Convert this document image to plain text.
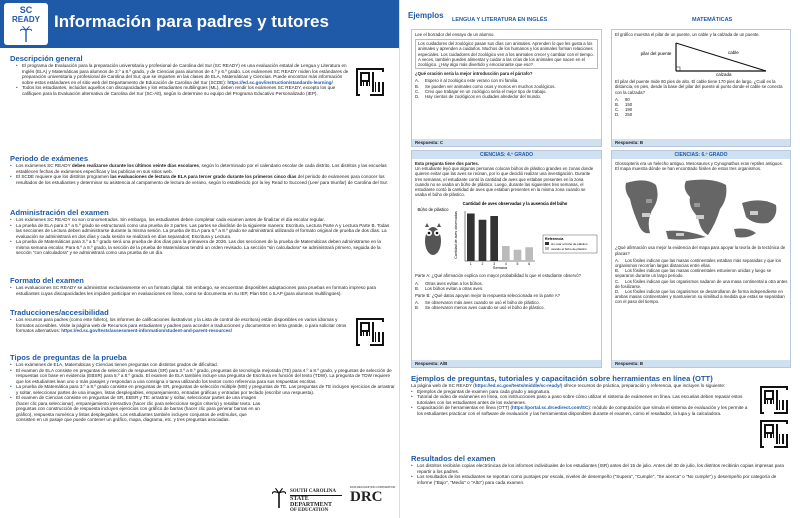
SC
READY Información para padres y tutores
Descripción general
• El programa de Evaluación para la preparación universitaria y profesional de Carolina del Sur (SC READY) es una evaluación estatal de Lengua y Literatura en Inglés (ELA) y Matemáticas para alumnos de 3.º a 8.º grado, y de Ciencias para alumnos de 4.º y 6.º grado. Los exámenes SC READY miden los estándares de preparación universitaria y profesional de Carolina del Sur, que se imparten en las clases de ELA, Matemáticas y Ciencias. Puede encontrar más información sobre estos estándares en el sitio web del Departamento de Educación de Carolina del Sur (SCDE): https://ed.sc.gov/instruction/standards-learning/
• Todos los estudiantes, incluidos aquellos con discapacidades y los estudiantes multilingües (ML), deben rendir los exámenes SC READY, excepto los que califiquen para la Evaluación alternativa de Carolina del Sur (SC-Alt), según lo determine su equipo del Programa Educativo Personalizado (IEP).
Periodo de exámenes
• Los exámenes SC READY deben realizarse durante los últimos veinte días escolares, según lo determinado por el calendario escolar de cada distrito. Los distritos y las escuelas establecen fechas de exámenes específicas y las publican en sus sitios web.
• El SCDE requiere que los distritos programen las evaluaciones de lectura de ELA para tercer grado durante los primeros cinco días del periodo de exámenes para conocer los resultados de los estudiantes y determinar su asistencia al campamento de lectura de verano, según lo establecido por la ley Read to Succeed (Leer para triunfar) de Carolina del Sur.
Administración del examen
• Los exámenes SC READY no son cronometrados. Sin embargo, los estudiantes deben completar cada examen antes de finalizar el día escolar regular.
• La prueba de ELA para 3.º a 5.º grado se estructurará como una prueba de 3 partes. Las partes se dividirán de la siguiente manera: Escritura, Lectura Parte A y Lectura Parte B. Todas las secciones de Lectura deben administrarse durante la misma sesión. La prueba de ELA para 6.º a 8.º grado se administrará utilizando el formato original de prueba de dos días. La evaluación se administrará en dos días y cada sesión se realizará en días separados; Escritura y Lectura.
• La prueba de Matemáticas para 3.º a 5.º grado será una prueba de dos días para la primavera de 2026. Las dos secciones de la prueba de Matemáticas deben administrarse en la misma semana escolar. Para 6.º a 8.º grado, la sección de la prueba de Matemáticas tendrá un orden revisado. La sección "sin calculadora" se administrará primero, seguida de la sección "con calculadora" y se administrará como una prueba de un día.
Formato del examen
• Las evaluaciones SC READY se administran exclusivamente en un formato digital. Sin embargo, se encuentran disponibles adaptaciones para pruebas en formato impreso para estudiantes cuyas discapacidades les impiden participar en evaluaciones en línea, como se documenta en su IEP, Plan 504 o ILAP (para alumnos multilingües).
Traducciones/accesibilidad
• Los recursos para padres (como este folleto), los informes de calificaciones ilustrativos y la Lista de control de escritura) están disponibles en varios idiomas y formatos accesibles. Visite la página web de Recursos para estudiantes y padres para acceder a traducciones y documentos en letra grande, o para solicitar otros formatos alternativos: https://ed.sc.gov/tests/assessment-information/student-and-parent-resources/
Tipos de preguntas de la prueba
• Los exámenes de ELA, Matemáticas y Ciencias tienen preguntas con distintos grados de dificultad.
• El examen de ELA consiste en preguntas de selección de respuestas (SR) para 3.º a 8.º grado, preguntas de tecnología mejorada (TE) para 4.º a 8.º grado, y preguntas de selección de respuestas con base en evidencia (EBSR) para 5.º a 8.º grado. El examen de ELA también incluye una pregunta de Escritura en función del texto (TDW). La pregunta de TDW requiere que los estudiantes lean uno o más pasajes y respondan a una consigna o tarea utilizando los textos como referencia para sus respuestas escritas.
• La prueba de Matemática para 3.º a 8.º grado consiste en preguntas de SR, preguntas de selección múltiple (MS) y preguntas de TE. Las preguntas de TE incluyen ejercicios de arrastrar y soltar, seleccionar partes de una imagen, listas desplegables, emparejamiento, entradas gráficas y entradas por teclado (escribir una respuesta).
• El examen de Ciencias consiste en preguntas de SR, EBSR y TE: arrastrar y soltar, seleccionar partes de una imagen (hacer clic para seleccionar), emparejamiento interactivo (hacer clic para seleccionar según criterio) y resaltar texto. Las preguntas con construcción de respuesta incluyen ejercicios con gráfico de barras (hacer clic para generar barras en un gráfico), respuesta numérica y listas desplegables. Los estudiantes también incluyen conjuntos de estímulos, que consisten en un pasaje que puede contener un gráfico, mapa, diagrama, etc. y tres preguntas asociadas.
SOUTH CAROLINA
STATE DEPARTMENT
OF EDUCATION
DATA RECOGNITION CORPORATION
DRC
Ejemplos LENGUA Y LITERATURA EN INGLÉS	MATEMÁTICAS
Lee el borrador del ensayo de un alumno.
Los cuidadores del zoológico pasan sus días con animales. Aprenden lo que les gusta a los animales y aprenden a cuidarlos. Muchos de los humanos y los animales forman relaciones especiales. Los cuidadores del zoológico ven a los animales crecer y cambiar con el tiempo. A veces, también pueden alimentar y cuidar a las crías de los animales que nacen en el zoológico. ¿Hay algo más divertido y emocionante que eso?
¿Qué oración sería la mejor introducción para el párrafo?
A. Espero ir al zoológico este verano con mi familia.
B. Se pueden ver animales como osos y monos en muchos zoológicos.
C. Creo que trabajar en un zoológico sería el mejor tipo de trabajo.
D. Hay cientos de zoológicos en ciudades alrededor del mundo.
Respuesta: C
El gráfico muestra el pilar de un puente, un cable y la calzada de un puente.
pilar del puente	cable
calzada
El pilar del puente mide 80 pies de alto. El cable tiene 170 pies de largo. ¿Cuál es la distancia, en pies, desde la base del pilar del puente al punto donde el cable se conecta con la calzada?
A. 90
B. 150
C. 190
D. 250
Respuesta: B
CIENCIAS: 4.º GRADO
Esta pregunta tiene dos partes.
Un estudiante leyó que algunas personas colocan búhos de plástico grandes en zonas donde quieren evitar que las aves se reúnan, por lo que decidió realizar una investigación. Durante tres semanas, el estudiante contó la cantidad de aves que estaban presentes en la zona cuando no se usaba un búho de plástico. Luego, durante las siguientes tres semanas, el estudiante contó la cantidad de aves que estaban presentes en la misma zona cuando se usaba el búho de plástico.
Búho de plástico
Cantidad de aves observadas y la ausencia del búho
Cantidad de aves observadas
Semana
1	2	3	4	5	6
Referencia
sin usar el búho de plástico
usando el búho de plástico
Parte A: ¿Qué afirmación explica con mayor probabilidad lo que el estudiante observó?
A. Otras aves evitan a los búhos.
B. Los búhos evitan a otras aves.
Parte B: ¿Qué datos apoyan mejor la respuesta seleccionada en la parte A?
A. Se observaron más aves cuando se usó el búho de plástico.
B. Se observaron menos aves cuando se usó el búho de plástico.
Respuesta: A/B
CIENCIAS: 6.º GRADO
Glossopteris era un helecho antiguo. Mesosaurus y Cynognathus eran reptiles antiguos. El mapa muestra dónde se han encontrado fósiles de estos tres organismos.
¿Qué afirmación usa mejor la evidencia del mapa para apoyar la teoría de la tectónica de placas?
A. Los fósiles indican que las masas continentales estaban más separadas y que los organismos recorrían largas distancias entre ellas.
B. Los fósiles indican que las masas continentales estuvieron unidas y luego se separaron durante un largo periodo.
C. Los fósiles indican que los organismos nadaron de una masa continental a otra antes de fosilizarse.
D. Los fósiles indican que los organismos se desarrollaron de forma independiente en ambas masas continentales y mantuvieron su similitud a medida que estas se separaban con el paso del tiempo.
Respuesta: B
Ejemplos de preguntas, tutoriales y capacitación sobre herramientas en línea (OTT)
La página web de SC READY (https://ed.sc.gov/tests/middle/sc-ready/) ofrece recursos de práctica, preparación y referencia, que incluyen lo siguiente:
• Ejemplos de preguntas de examen para cada grado y asignatura.
• Tutorial de video de exámenes en línea, con instrucciones paso a paso sobre cómo utilizar el sistema de exámenes en línea. Las escuelas deben repasar estos tutoriales con los estudiantes antes de los exámenes.
• Capacitación de herramientas en línea (OTT) (https://portal.sc.drcedirect.com/SC): módulo de computación que simula el sistema de evaluación y les permite a los estudiantes practicar con el software de evaluación y las herramientas disponibles durante el examen, como el resaltador, la lupa y la calculadora.
Resultados del examen
• Los distritos recibirán copias electrónicas de los informes individuales de los estudiantes (ISR) antes del 15 de julio. Antes del 30 de julio, los distritos recibirán copias impresas para repartir a los padres.
• Los resultados de los estudiantes se reportan como puntajes por escala, niveles de desempeño ("Supera", "Cumple", "Se acerca" o "No cumple") y desempeño por categoría de informe ("Bajo", "Medio" o "Alto") para cada examen.
